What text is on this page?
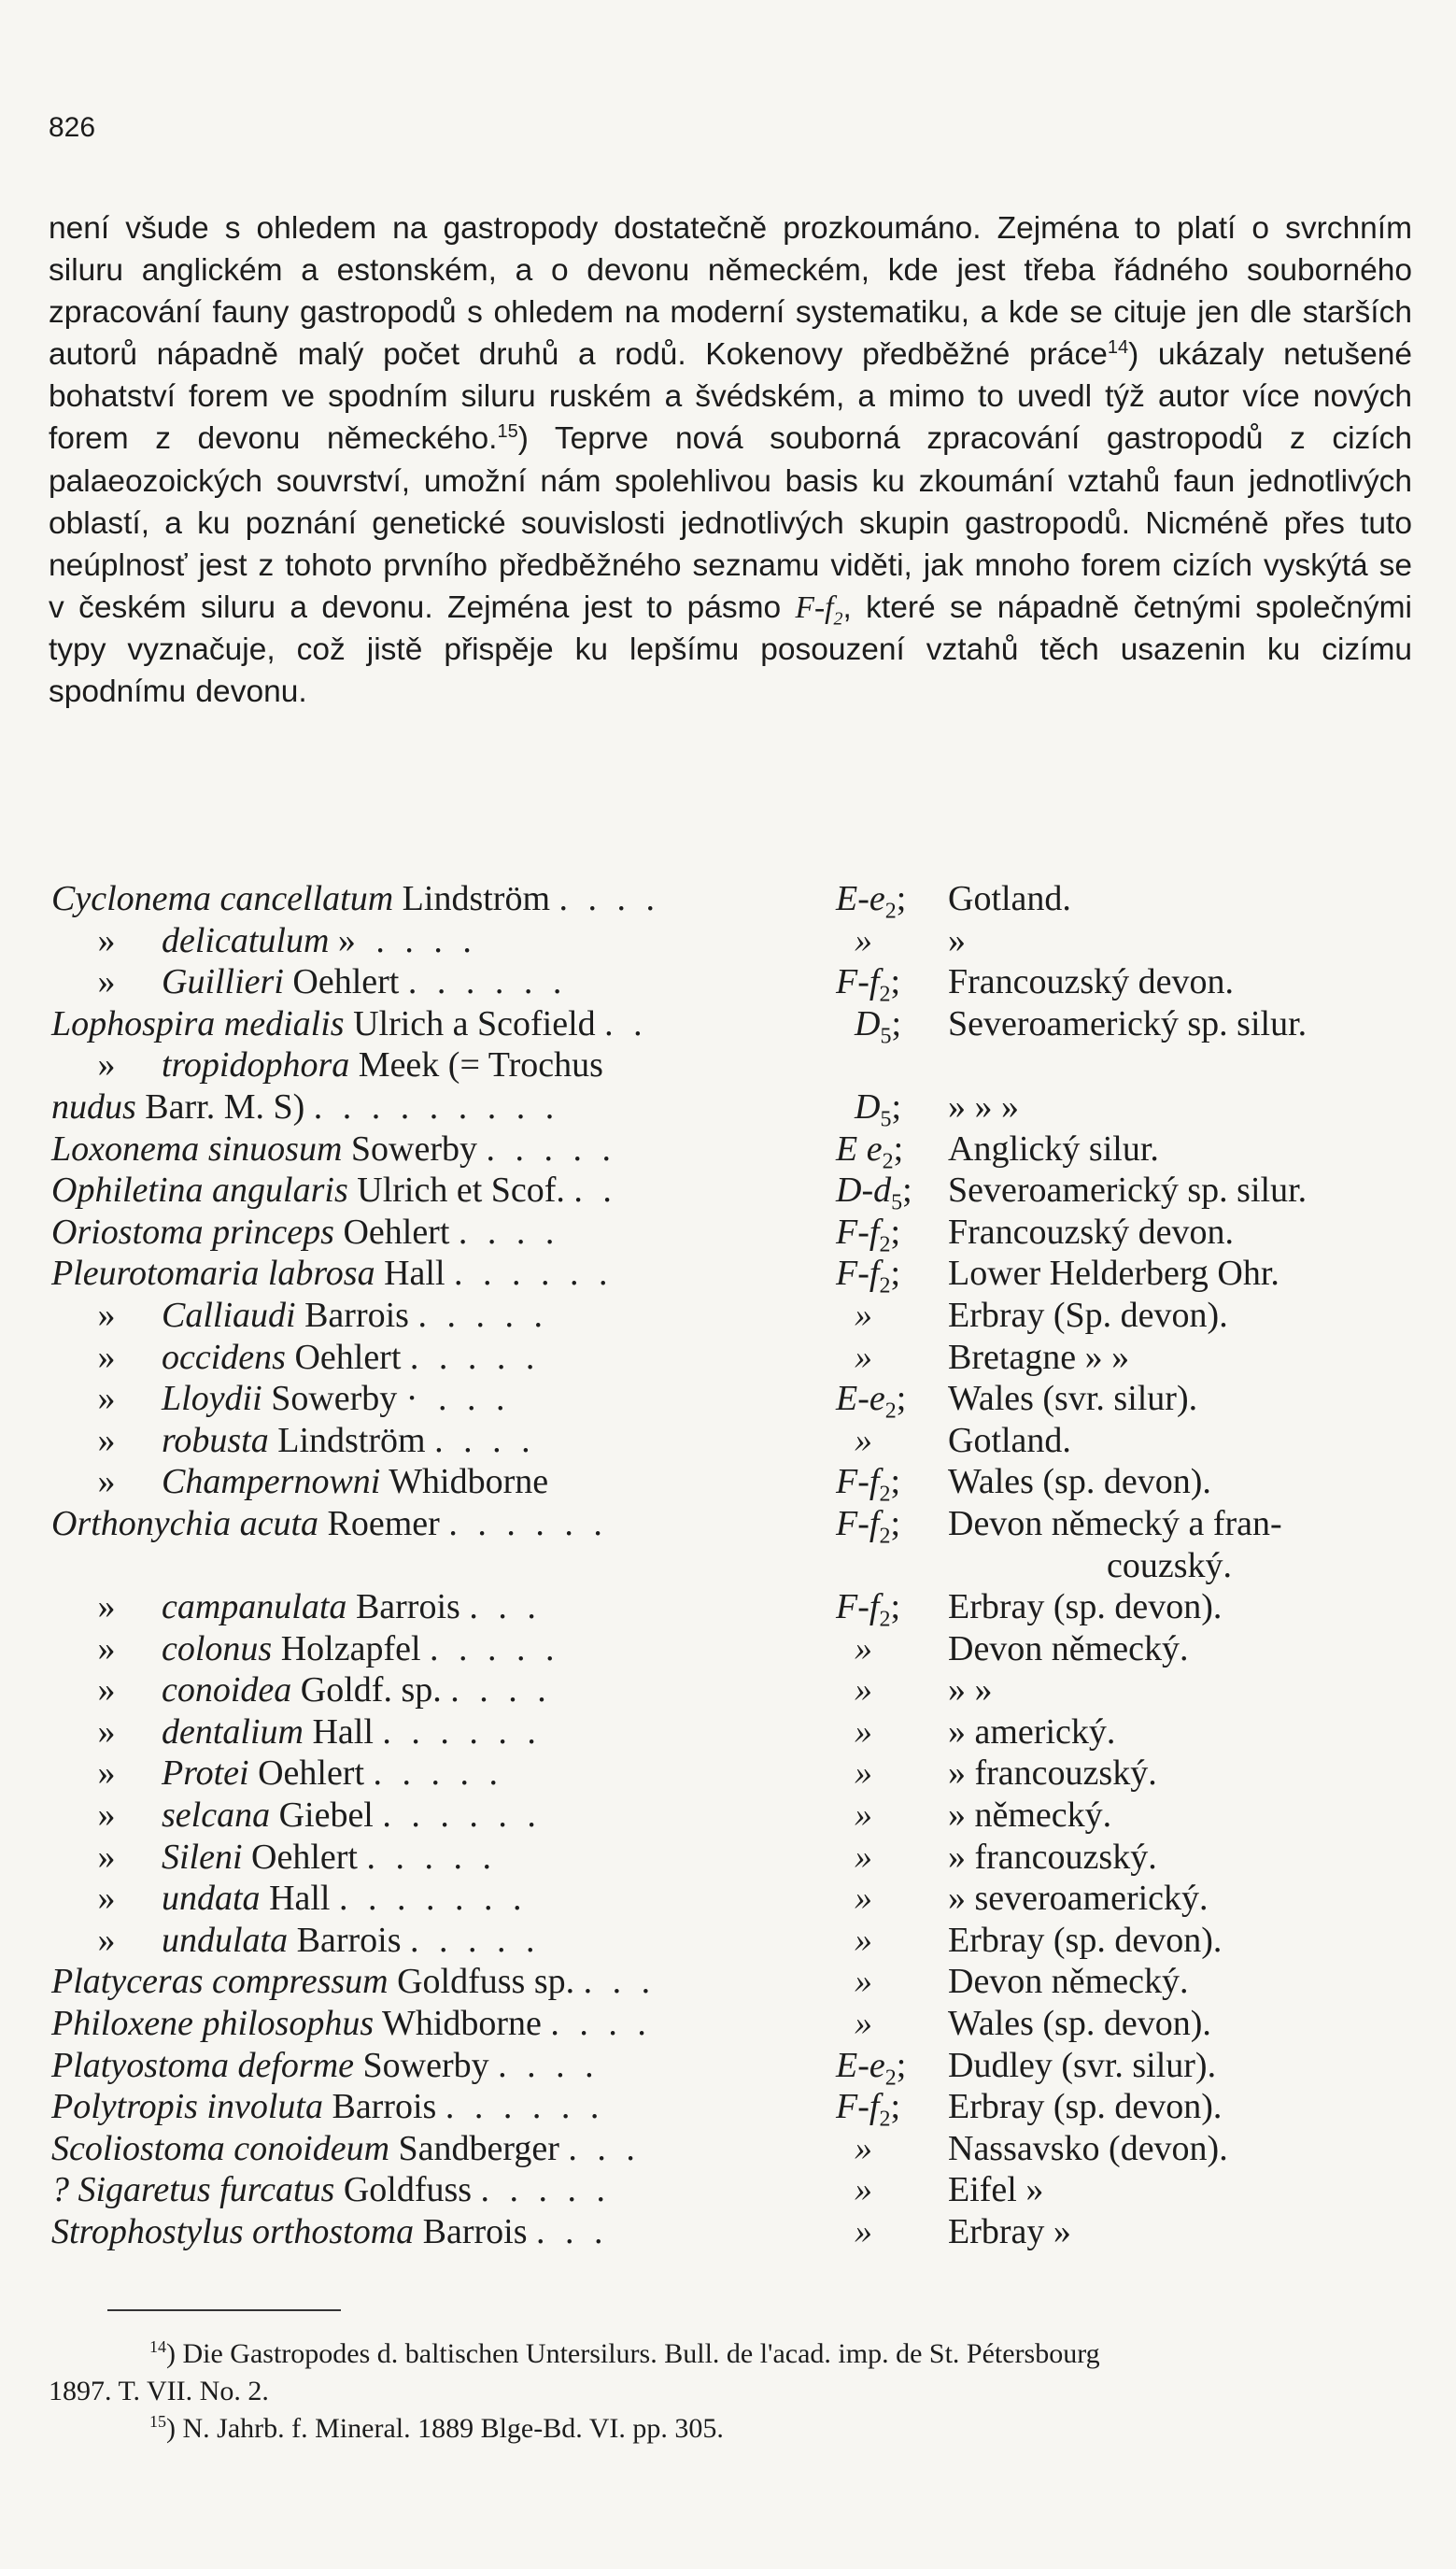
826

není všude s ohledem na gastropody dostatečně prozkoumáno. Zejména to platí o svrchním siluru anglickém a estonském, a o devonu německém, kde jest třeba řádného souborného zpracování fauny gastropodů s ohledem na moderní systematiku, a kde se cituje jen dle starších autorů nápadně malý počet druhů a rodů. Kokenovy předběžné práce$^{14}$) ukázaly netušené bohatství forem ve spodním siluru ruském a švédském, a mimo to uvedl týž autor více nových forem z devonu německého.$^{15}$) Teprve nová souborná zpracování gastropodů z cizích palaeozoických souvrství, umožní nám spolehlivou basis ku zkoumání vztahů faun jednotlivých oblastí, a ku poznání genetické souvislosti jednotlivých skupin gastropodů. Nicméně přes tuto neúplnosť jest z tohoto prvního předběžného seznamu viděti, jak mnoho forem cizích vyskýtá se v českém siluru a devonu. Zejména jest to pásmo $F-f_2$, které se nápadně četnými společnými typy vyznačuje, což jistě přispěje ku lepšímu posouzení vztahů těch usazenin ku cizímu spodnímu devonu.

Cyclonema cancellatum Lindström . . . .	$E-e_2$; Gotland.
» delicatulum » . . . .	» »
» Guillieri Oehlert . . . . . .	$F-f_2$; Francouzský devon.
Lophospira medialis Ulrich a Scofield . .	$D_5$; Severoamerický sp. silur.
» tropidophora Meek (= Trochus
nudus Barr. M. S) . . . . . . . . .	$D_5$; » » »
Loxonema sinuosum Sowerby . . . . .	E $e_2$; Anglický silur.
Ophiletina angularis Ulrich et Scof. . .	$D-d_5$; Severoamerický sp. silur.
Oriostoma princeps Oehlert . . . .	$F-f_2$; Francouzský devon.
Pleurotomaria labrosa Hall . . . . . .	$F-f_2$; Lower Helderberg Ohr.
» Calliaudi Barrois . . . . .	» Erbray (Sp. devon).
» occidens Oehlert . . . . .	» Bretagne » »
» Lloydii Sowerby · . . .	$E-e_2$; Wales (svr. silur).
» robusta Lindström . . . .	» Gotland.
» Champernowni Whidborne	$F-f_2$; Wales (sp. devon).
Orthonychia acuta Roemer . . . . . .	$F-f_2$; Devon německý a fran-
couzský.
» campanulata Barrois . . .	$F-f_2$; Erbray (sp. devon).
» colonus Holzapfel . . . . .	» Devon německý.
» conoidea Goldf. sp. . . . .	» » »
» dentalium Hall . . . . . .	» » americký.
» Protei Oehlert . . . . .	» » francouzský.
» selcana Giebel . . . . . .	» » německý.
» Sileni Oehlert . . . . .	» » francouzský.
» undata Hall . . . . . . .	» » severoamerický.
» undulata Barrois . . . . .	» Erbray (sp. devon).
Platyceras compressum Goldfuss sp. . . .	» Devon německý.
Philoxene philosophus Whidborne . . . .	» Wales (sp. devon).
Platyostoma deforme Sowerby . . . .	$E-e_2$; Dudley (svr. silur).
Polytropis involuta Barrois . . . . . .	$F-f_2$; Erbray (sp. devon).
Scoliostoma conoideum Sandberger . . .	» Nassavsko (devon).
? Sigaretus furcatus Goldfuss . . . . .	» Eifel »
Strophostylus orthostoma Barrois . . .	» Erbray »

$^{14}$) Die Gastropodes d. baltischen Untersilurs. Bull. de l'acad. imp. de St. Pétersbourg

1897. T. VII. No. 2.

$^{15}$) N. Jahrb. f. Mineral. 1889 Blge-Bd. VI. pp. 305.
